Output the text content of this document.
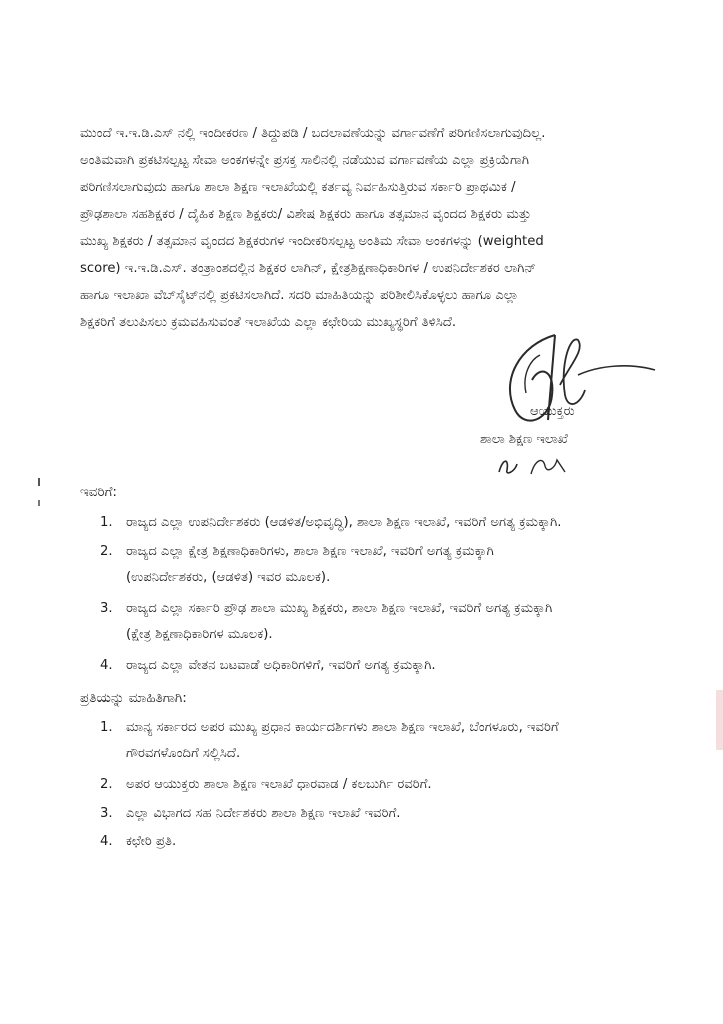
ಮುಂದೆ ಇ.ಇ.ಡಿ.ಎಸ್ ನಲ್ಲಿ ಇಂದೀಕರಣ / ತಿದ್ದುಪಡಿ / ಬದಲಾವಣೆಯನ್ನು ವರ್ಗಾವಣೆಗೆ ಪರಿಗಣಿಸಲಾಗುವುದಿಲ್ಲ.
ಅಂತಿಮವಾಗಿ ಪ್ರಕಟಿಸಲ್ಪಟ್ಟ ಸೇವಾ ಅಂಕಗಳನ್ನೇ ಪ್ರಸಕ್ತ ಸಾಲಿನಲ್ಲಿ ನಡೆಯುವ ವರ್ಗಾವಣೆಯ ಎಲ್ಲಾ ಪ್ರಕ್ರಿಯೆಗಾಗಿ
ಪರಿಗಣಿಸಲಾಗುವುದು ಹಾಗೂ ಶಾಲಾ ಶಿಕ್ಷಣ ಇಲಾಖೆಯಲ್ಲಿ ಕರ್ತವ್ಯ ನಿರ್ವಹಿಸುತ್ತಿರುವ ಸರ್ಕಾರಿ ಪ್ರಾಥಮಿಕ /
ಪ್ರೌಢಶಾಲಾ ಸಹಶಿಕ್ಷಕರ / ದೈಹಿಕ ಶಿಕ್ಷಣ ಶಿಕ್ಷಕರು/ ವಿಶೇಷ ಶಿಕ್ಷಕರು ಹಾಗೂ ತತ್ಸಮಾನ ವೃಂದದ ಶಿಕ್ಷಕರು ಮತ್ತು
ಮುಖ್ಯ ಶಿಕ್ಷಕರು / ತತ್ಸಮಾನ ವೃಂದದ ಶಿಕ್ಷಕರುಗಳ ಇಂದೀಕರಿಸಲ್ಪಟ್ಟ ಅಂತಿಮ ಸೇವಾ ಅಂಕಗಳನ್ನು (weighted
score) ಇ.ಇ.ಡಿ.ಎಸ್. ತಂತ್ರಾಂಶದಲ್ಲಿನ ಶಿಕ್ಷಕರ ಲಾಗಿನ್, ಕ್ಷೇತ್ರಶಿಕ್ಷಣಾಧಿಕಾರಿಗಳ / ಉಪನಿರ್ದೇಶಕರ ಲಾಗಿನ್
ಹಾಗೂ ಇಲಾಖಾ ವೆಬ್‌ಸೈಟ್‌ನಲ್ಲಿ ಪ್ರಕಟಿಸಲಾಗಿದೆ. ಸದರಿ ಮಾಹಿತಿಯನ್ನು ಪರಿಶೀಲಿಸಿಕೊಳ್ಳಲು ಹಾಗೂ ಎಲ್ಲಾ
ಶಿಕ್ಷಕರಿಗೆ ತಲುಪಿಸಲು ಕ್ರಮವಹಿಸುವಂತೆ ಇಲಾಖೆಯ ಎಲ್ಲಾ ಕಛೇರಿಯ ಮುಖ್ಯಸ್ಥರಿಗೆ ತಿಳಿಸಿದೆ.
ಆಯುಕ್ತರು
ಶಾಲಾ ಶಿಕ್ಷಣ ಇಲಾಖೆ
ಇವರಿಗೆ:
1.	ರಾಜ್ಯದ ಎಲ್ಲಾ ಉಪನಿರ್ದೇಶಕರು (ಆಡಳಿತ/ಅಭಿವೃದ್ಧಿ), ಶಾಲಾ ಶಿಕ್ಷಣ ಇಲಾಖೆ, ಇವರಿಗೆ ಅಗತ್ಯ ಕ್ರಮಕ್ಕಾಗಿ.
2.	ರಾಜ್ಯದ ಎಲ್ಲಾ ಕ್ಷೇತ್ರ ಶಿಕ್ಷಣಾಧಿಕಾರಿಗಳು, ಶಾಲಾ ಶಿಕ್ಷಣ ಇಲಾಖೆ, ಇವರಿಗೆ ಅಗತ್ಯ ಕ್ರಮಕ್ಕಾಗಿ
(ಉಪನಿರ್ದೇಶಕರು, (ಆಡಳಿತ) ಇವರ ಮೂಲಕ).
3.	ರಾಜ್ಯದ ಎಲ್ಲಾ ಸರ್ಕಾರಿ ಪ್ರೌಢ ಶಾಲಾ ಮುಖ್ಯ ಶಿಕ್ಷಕರು, ಶಾಲಾ ಶಿಕ್ಷಣ ಇಲಾಖೆ, ಇವರಿಗೆ ಅಗತ್ಯ ಕ್ರಮಕ್ಕಾಗಿ
(ಕ್ಷೇತ್ರ ಶಿಕ್ಷಣಾಧಿಕಾರಿಗಳ ಮೂಲಕ).
4.	ರಾಜ್ಯದ ಎಲ್ಲಾ ವೇತನ ಬಟವಾಡೆ ಅಧಿಕಾರಿಗಳಿಗೆ, ಇವರಿಗೆ ಅಗತ್ಯ ಕ್ರಮಕ್ಕಾಗಿ.
ಪ್ರತಿಯನ್ನು ಮಾಹಿತಿಗಾಗಿ:
1.	ಮಾನ್ಯ ಸರ್ಕಾರದ ಅಪರ ಮುಖ್ಯ ಪ್ರಧಾನ ಕಾರ್ಯದರ್ಶಿಗಳು ಶಾಲಾ ಶಿಕ್ಷಣ ಇಲಾಖೆ, ಬೆಂಗಳೂರು, ಇವರಿಗೆ
ಗೌರವಗಳೊಂದಿಗೆ ಸಲ್ಲಿಸಿದೆ.
2.	ಅಪರ ಆಯುಕ್ತರು ಶಾಲಾ ಶಿಕ್ಷಣ ಇಲಾಖೆ ಧಾರವಾಡ / ಕಲಬುರ್ಗಿ ರವರಿಗೆ.
3.	ಎಲ್ಲಾ ವಿಭಾಗದ ಸಹ ನಿರ್ದೇಶಕರು ಶಾಲಾ ಶಿಕ್ಷಣ ಇಲಾಖೆ ಇವರಿಗೆ.
4.	ಕಛೇರಿ ಪ್ರತಿ.
